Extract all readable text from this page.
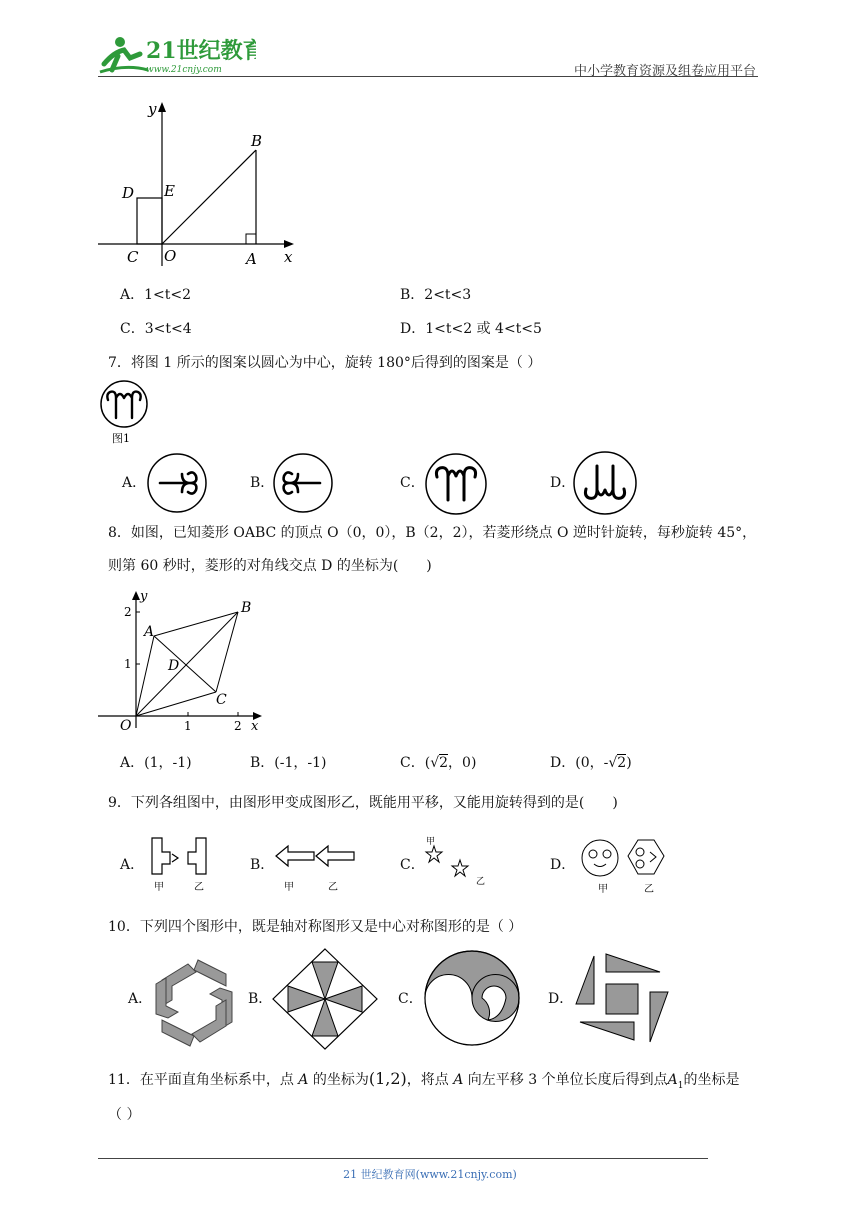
21世纪教育
www.21cnjy.com	中小学教育资源及组卷应用平台
y
x
B
D E
C O	A
A．1<t<2	B．2<t<3
C．3<t<4	D．1<t<2 或 4<t<5
7．将图 1 所示的图案以圆心为中心，旋转 180°后得到的图案是（ ）
图1
A．	B．	C．	D．
8．如图，已知菱形 OABC 的顶点 O（0，0），B（2，2），若菱形绕点 O 逆时针旋转，每秒旋转 45°，
则第 60 秒时，菱形的对角线交点 D 的坐标为(　　)
y
x
O	1	2
1
2
A
B
C
D
A．(1，-1)	B．(-1，-1)	C．(√2，0)	D．(0，-√2)
9．下列各组图中，由图形甲变成图形乙，既能用平移，又能用旋转得到的是(　　)
A．
甲	乙
B．
甲	乙
C．
甲
乙
D．
甲	乙
10．下列四个图形中，既是轴对称图形又是中心对称图形的是（ ）
A．	B．	C．	D．
11．在平面直角坐标系中，点 A 的坐标为(1,2)，将点 A 向左平移 3 个单位长度后得到点$A_1$的坐标是
（ ）
21 世纪教育网(www.21cnjy.com)
